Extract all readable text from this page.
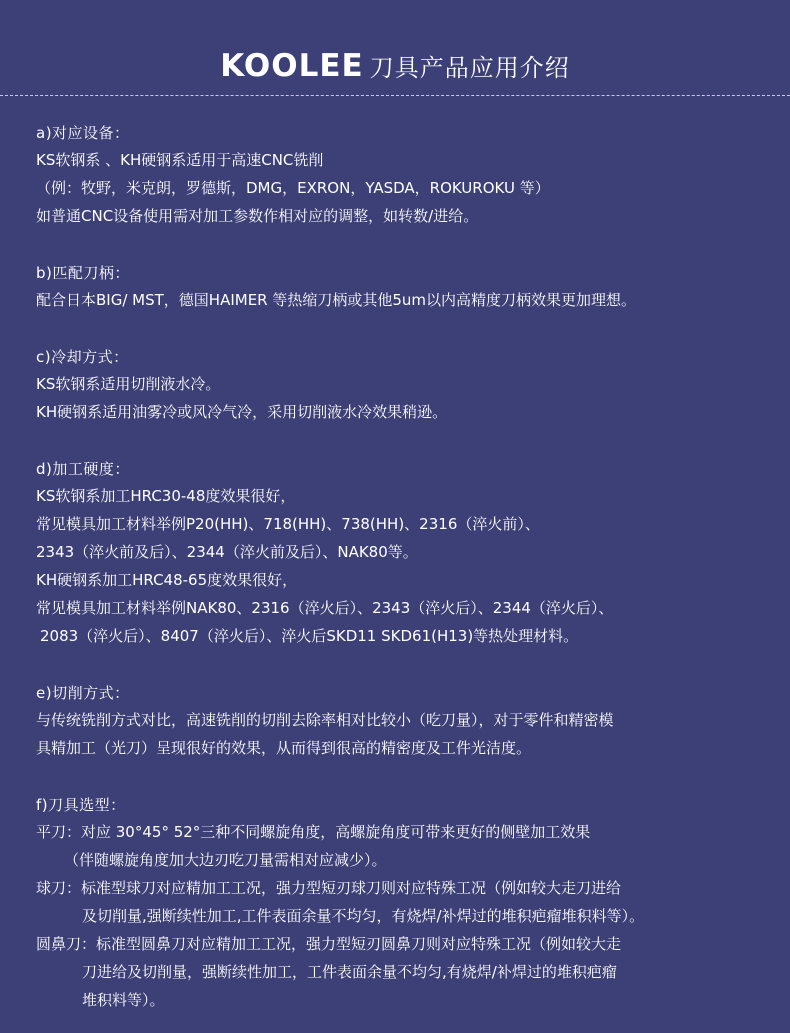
KOOLEE 刀具产品应用介绍
a)对应设备：
KS软钢系 、KH硬钢系适用于高速CNC铣削
（例：牧野，米克朗，罗德斯，DMG，EXRON，YASDA，ROKUROKU 等）
如普通CNC设备使用需对加工参数作相对应的调整，如转数/进给。
b)匹配刀柄：
配合日本BIG/ MST，德国HAIMER 等热缩刀柄或其他5um以内高精度刀柄效果更加理想。
c)冷却方式：
KS软钢系适用切削液水冷。
KH硬钢系适用油雾冷或风冷气冷，采用切削液水冷效果稍逊。
d)加工硬度：
KS软钢系加工HRC30-48度效果很好，
常见模具加工材料举例P20(HH)、718(HH)、738(HH)、2316（淬火前）、
2343（淬火前及后）、2344（淬火前及后）、NAK80等。
KH硬钢系加工HRC48-65度效果很好，
常见模具加工材料举例NAK80、2316（淬火后）、2343（淬火后）、2344（淬火后）、
2083（淬火后）、8407（淬火后）、淬火后SKD11 SKD61(H13)等热处理材料。
e)切削方式：
与传统铣削方式对比，高速铣削的切削去除率相对比较小（吃刀量），对于零件和精密模
具精加工（光刀）呈现很好的效果，从而得到很高的精密度及工件光洁度。
f)刀具选型：
平刀：对应 30°45° 52°三种不同螺旋角度，高螺旋角度可带来更好的侧壁加工效果
（伴随螺旋角度加大边刃吃刀量需相对应减少）。
球刀：标准型球刀对应精加工工况，强力型短刃球刀则对应特殊工况（例如较大走刀进给
及切削量,强断续性加工,工件表面余量不均匀，有烧焊/补焊过的堆积疤瘤堆积料等）。
圆鼻刀：标准型圆鼻刀对应精加工工况，强力型短刃圆鼻刀则对应特殊工况（例如较大走
刀进给及切削量，强断续性加工，工件表面余量不均匀,有烧焊/补焊过的堆积疤瘤
堆积料等）。
